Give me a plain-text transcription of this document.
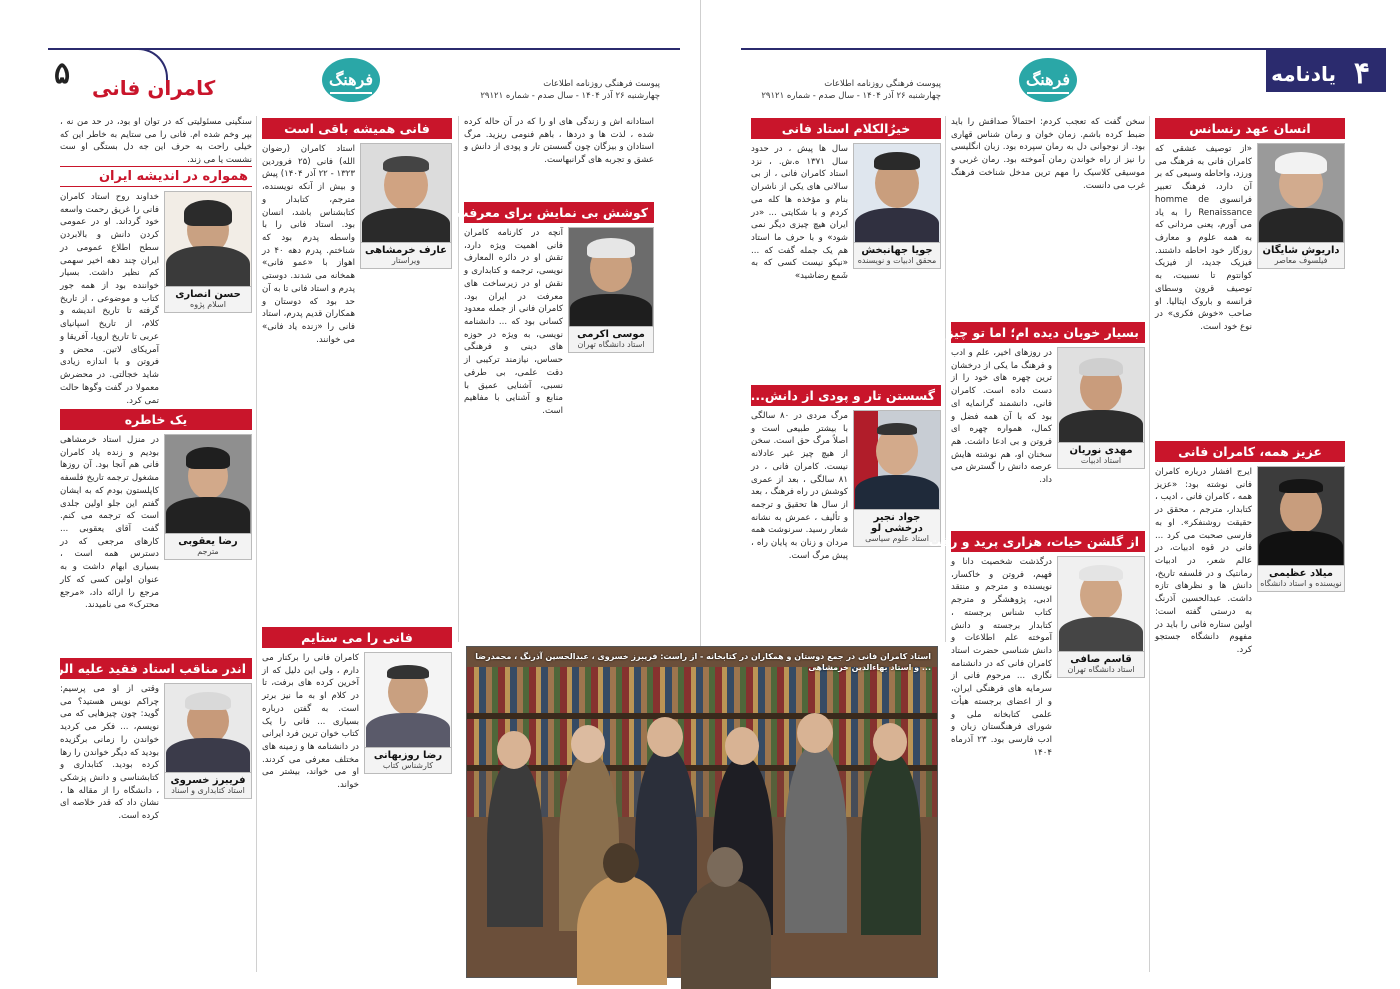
۵ کامران فانی	فرهنگ	پیوست فرهنگی روزنامه اطلاعات
چهارشنبه ۲۶ آذر ۱۴۰۴ - سال صدم - شماره ۲۹۱۲۱
سنگینی مسئولیتی که در توان او بود، در حد من نه ، بپر وخم شده ام. فانی را می ستایم به خاطر این که خیلی راحت به حرف این جه دل بستگی او ست نشست یا می زند.
همواره در اندیشه ایران
خداوند روح استاد کامران فانی را غریق رحمت واسعه خود گرداند. او در عمومی کردن دانش و بالابردن سطح اطلاع عمومی در ایران چند دهه اخیر سهمی کم نظیر داشت. بسیار خواننده بود از همه جور کتاب و موضوعی ، از تاریخ گرفته تا تاریخ اندیشه و کلام، از تاریخ اسپانیای عربی تا تاریخ اروپا، آفریقا و آمریکای لاتین. محض و فروتن و با اندازه زیادی شاید خجالتی. در محضرش معمولا در گفت وگوها حالت تمی کرد.
حسن انصاری
اسلام پژوه
یک خاطره
در منزل استاد خرمشاهی بودیم و زنده یاد کامران فانی هم آنجا بود. آن روزها مشغول ترجمه تاریخ فلسفه کاپلستون بودم که به ایشان گفتم این جلو اولین جلدی است که ترجمه می کنم. گفت آقای یعقوبی ... کارهای مرجعی که در دسترس همه است ، بسیاری ابهام داشت و به عنوان اولین کسی که کار مرجع را ارائه داد، «مرجع محترک» می نامیدند.
رضا یعقوبی
مترجم
اندر مناقب استاد فقید علیه الرحمه...
وقتی از او می پرسیم: چراکم نویس هستید؟ می گوید: چون چیزهایی که می نویسم، ... فکر می کردید خواندن را زمانی برگزیده بودید که دیگر خواندن را رها کرده بودید. کتابداری و کتابشناسی و دانش پزشکی ، دانشگاه را از مقاله ها ، نشان داد که قدر خلاصه ای کرده است.
فریبرز خسروی
استاد کتابداری و اسناد
فانی همیشه باقی است
استاد کامران (رضوان الله) فانی (۲۵ فروردین ۱۳۲۳ - ۲۲ آذر ۱۴۰۴) پیش و بیش از آنکه نویسنده، مترجم، کتابدار و کتابشناس باشد، انسان بود. استاد فانی را با واسطه پدرم بود که شناختم. پدرم دهه ۴۰ در اهواز با «عمو فانی» همخانه می شدند. دوستی پدرم و استاد فانی تا به آن حد بود که دوستان و همکاران قدیم پدرم، استاد فانی را «زنده یاد فانی» می خوانند.
عارف خرمشاهی
ویراستار
فانی را می ستایم
کامران فانی را برکنار می دارم ، ولی این دلیل که از آخرین کرده های برفت، تا در کلام او به ما نیز برتر است. به گفتن درباره بسیاری ... فانی را یک کتاب خوان ترین فرد ایرانی در دانشنامه ها و زمینه های مختلف معرفی می کردند. او می خواند، بیشتر می خواند.
رضا روزبهانی
کارشناس کتاب
استادانه اش و زندگی های او را که در آن حاله کرده شده ، لذت ها و دردها ، باهم فنومی ریزید. مرگ استادان و بیزگان چون گسستن تار و پودی از دانش و عشق و تجربه های گرانبهاست.
کوشش بی نمایش برای معرفت
آنچه در کارنامه کامران فانی اهمیت ویژه دارد، تقش او در دائره المعارف نویسی، ترجمه و کتابداری و نقش او در زیرساخت های معرفت در ایران بود. کامران فانی از جمله معدود کسانی بود که ... دانشنامه نویسی، به ویژه در حوزه های دینی و فرهنگی حساس، نیازمند ترکیبی از دقت علمی، بی طرفی نسبی، آشنایی عمیق با منابع و آشنایی با مفاهیم است.
موسی اکرمی
استاد دانشگاه تهران
۴
یادنامه
فرهنگ
پیوست فرهنگی روزنامه اطلاعات
چهارشنبه ۲۶ آذر ۱۴۰۴ - سال صدم - شماره ۲۹۱۲۱
خیرُالکلام استاد فانی
سال ها پیش ، در حدود سال ۱۳۷۱ ه.ش. ، نزد استاد کامران فانی ، از بی سالانی های یکی از ناشران بنام و مؤخذه ها کله می کردم و با شکایتی ... «در ایران هیچ چیزی دیگر نمی شود» و با حرف ما استاد هم یک جمله گفت که ... «نیکو نیست کسی که به شَمع رضاشید»
جویا جهانبخش
محقق ادبیات و نویسنده
گسستن تار و پودی از دانش...
مرگ مردی در ۸۰ سالگی با بیشتر طبیعی است و اصلاً مرگ حق است. سخن از هیچ چیز غیر عادلانه نیست. کامران فانی ، در ۸۱ سالگی ، بعد از عمری کوشش در راه فرهنگ ، بعد از سال ها تحقیق و ترجمه و تألیف ، عمرش به نشانه شعار رسید. سرنوشت همه مردان و زنان به پایان راه ، پیش مرگ است.
جواد نجیر درخشی لو
استاد علوم سیاسی
سخن گفت که تعجب کردم: احتمالاً صداقش را باید ضبط کرده باشم. زمان خوان و رمان شناس قهاری بود. از نوجوانی دل به رمان سپرده بود. زبان انگلیسی را نیز از راه خواندن رمان آموخته بود. رمان غربی و موسیقی کلاسیک را مهم ترین مدخل شناخت فرهنگ غرب می دانست.
بسیار خوبان دیده ام؛ اما تو چیز دیگری!
در روزهای اخیر، علم و ادب و فرهنگ ما یکی از درخشان ترین چهره های خود را از دست داده است. کامران فانی، دانشمند گرانمایه ای بود که با آن همه فضل و کمال، همواره چهره ای فروتن و بی ادعا داشت. هم سخنان او، هم نوشته هایش عرصه دانش را گسترش می داد.
مهدی نوریان
استاد ادبیات
از گلشن حیات، هزاری پرید و رفت
درگذشت شخصیت دانا و فهیم، فروتن و خاکسار، نویسنده و مترجم و منتقد ادبی، پژوهشگر و مترجم کتاب شناس برجسته ، کتابدار برجسته و دانش آموخته علم اطلاعات و دانش شناسی حضرت استاد کامران فانی که در دانشنامه نگاری ... مرحوم فانی از سرمایه های فرهنگی ایران، و از اعضای برجسته هیأت علمی کتابخانه ملی و شورای فرهنگستان زبان و ادب فارسی بود. ۲۳ آذرماه ۱۴۰۴
قاسم صافی
استاد دانشگاه تهران
انسان عهد رنسانس
«از توصیف عشقی که کامران فانی به فرهنگ می ورزد، واحاطه وسیعی که بر آن دارد، فرهنگ تعبیر فرانسوی homme de Renaissance را به یاد می آورم، یعنی مردانی که به همه علوم و معارف روزگار خود احاطه داشتند. فیزیک جدید، از فیزیک کوانتوم تا نسبیت، به توصیف قرون وسطای فرانسه و باروک ایتالیا. او صاحب «خوش فکری» در نوع خود است.
داریوش شایگان
فیلسوف معاصر
عزیز همه، کامران فانی
ایرج افشار درباره کامران فانی نوشته بود: «عزیز همه ، کامران فانی ، ادیب ، کتابدار، مترجم ، محقق در حقیقت روشنفکر». او به فارسی صحبت می کرد ... فانی در قوه ادبیات، در عالم شعر، در ادبیات رمانتیک و در فلسفه تاریخ، دانش ها و نظرهای تازه داشت. عبدالحسین آذرنگ به درستی گفته است: اولین ستاره فانی را باید در مفهوم دانشگاه جستجو کرد.
میلاد عظیمی
نویسنده و استاد دانشگاه
استاد کامران فانی در جمع دوستان و همکاران در کتابخانه - از راست: فریبرز خسروی ، عبدالحسین آذرنگ ، محمدرضا ... و استاد بهاءالدین خرمشاهی
